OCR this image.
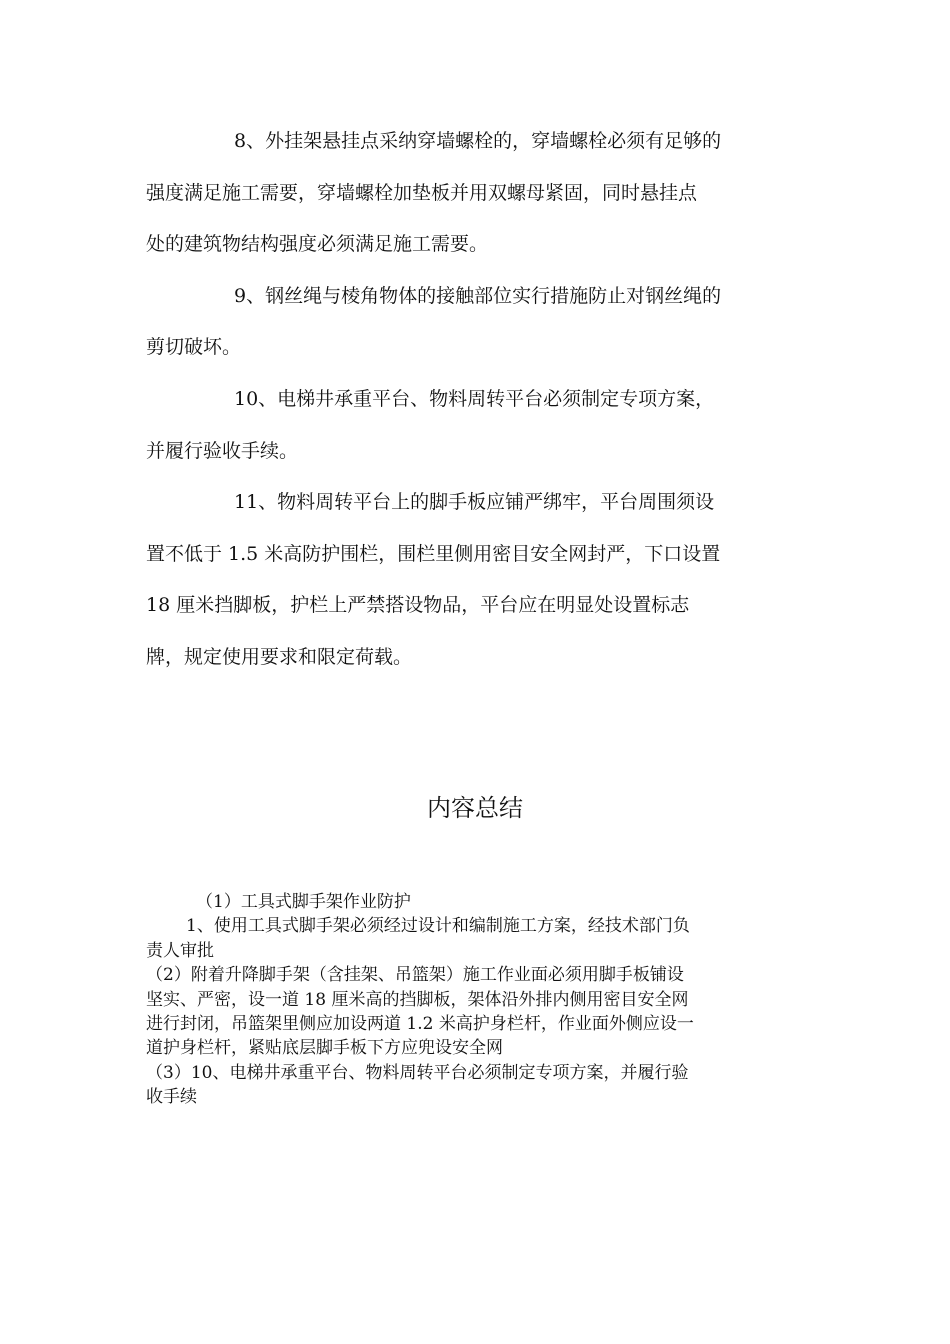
8、外挂架悬挂点采纳穿墙螺栓的，穿墙螺栓必须有足够的
强度满足施工需要，穿墙螺栓加垫板并用双螺母紧固，同时悬挂点
处的建筑物结构强度必须满足施工需要。

9、钢丝绳与棱角物体的接触部位实行措施防止对钢丝绳的
剪切破坏。

10、电梯井承重平台、物料周转平台必须制定专项方案，
并履行验收手续。

11、物料周转平台上的脚手板应铺严绑牢，平台周围须设
置不低于 1.5 米高防护围栏，围栏里侧用密目安全网封严，下口设置
18 厘米挡脚板，护栏上严禁搭设物品，平台应在明显处设置标志
牌，规定使用要求和限定荷载。

内容总结
（1）工具式脚手架作业防护
1、使用工具式脚手架必须经过设计和编制施工方案，经技术部门负
责人审批
（2）附着升降脚手架（含挂架、吊篮架）施工作业面必须用脚手板铺设
坚实、严密，设一道 18 厘米高的挡脚板，架体沿外排内侧用密目安全网
进行封闭，吊篮架里侧应加设两道 1.2 米高护身栏杆，作业面外侧应设一
道护身栏杆，紧贴底层脚手板下方应兜设安全网
（3）10、电梯井承重平台、物料周转平台必须制定专项方案，并履行验
收手续
